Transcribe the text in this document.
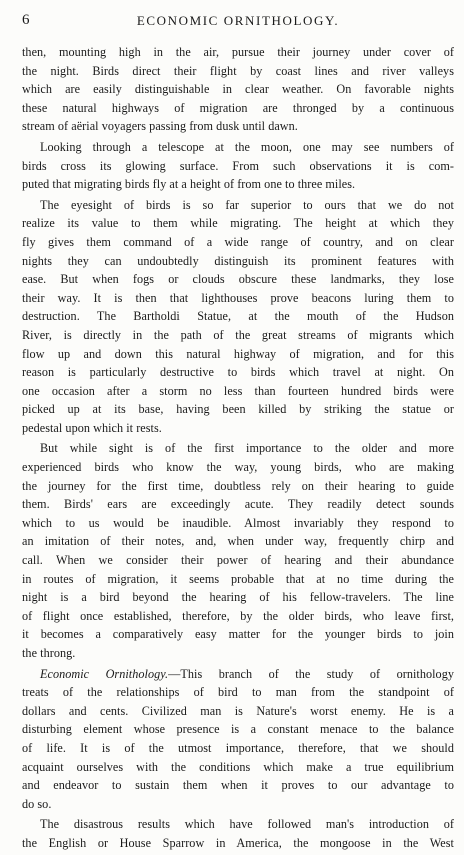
6	ECONOMIC ORNITHOLOGY.
then, mounting high in the air, pursue their journey under cover of
the night. Birds direct their flight by coast lines and river valleys
which are easily distinguishable in clear weather. On favorable nights
these natural highways of migration are thronged by a continuous
stream of aërial voyagers passing from dusk until dawn.
Looking through a telescope at the moon, one may see numbers of
birds cross its glowing surface. From such observations it is com-
puted that migrating birds fly at a height of from one to three miles.
The eyesight of birds is so far superior to ours that we do not
realize its value to them while migrating. The height at which they
fly gives them command of a wide range of country, and on clear
nights they can undoubtedly distinguish its prominent features with
ease. But when fogs or clouds obscure these landmarks, they lose
their way. It is then that lighthouses prove beacons luring them to
destruction. The Bartholdi Statue, at the mouth of the Hudson
River, is directly in the path of the great streams of migrants which
flow up and down this natural highway of migration, and for this
reason is particularly destructive to birds which travel at night. On
one occasion after a storm no less than fourteen hundred birds were
picked up at its base, having been killed by striking the statue or
pedestal upon which it rests.
But while sight is of the first importance to the older and more
experienced birds who know the way, young birds, who are making
the journey for the first time, doubtless rely on their hearing to guide
them. Birds' ears are exceedingly acute. They readily detect sounds
which to us would be inaudible. Almost invariably they respond to
an imitation of their notes, and, when under way, frequently chirp and
call. When we consider their power of hearing and their abundance
in routes of migration, it seems probable that at no time during the
night is a bird beyond the hearing of his fellow-travelers. The line
of flight once established, therefore, by the older birds, who leave first,
it becomes a comparatively easy matter for the younger birds to join
the throng.
Economic Ornithology.—This branch of the study of ornithology
treats of the relationships of bird to man from the standpoint of
dollars and cents. Civilized man is Nature's worst enemy. He is a
disturbing element whose presence is a constant menace to the balance
of life. It is of the utmost importance, therefore, that we should
acquaint ourselves with the conditions which make a true equilibrium
and endeavor to sustain them when it proves to our advantage to
do so.
The disastrous results which have followed man's introduction of
the English or House Sparrow in America, the mongoose in the West
